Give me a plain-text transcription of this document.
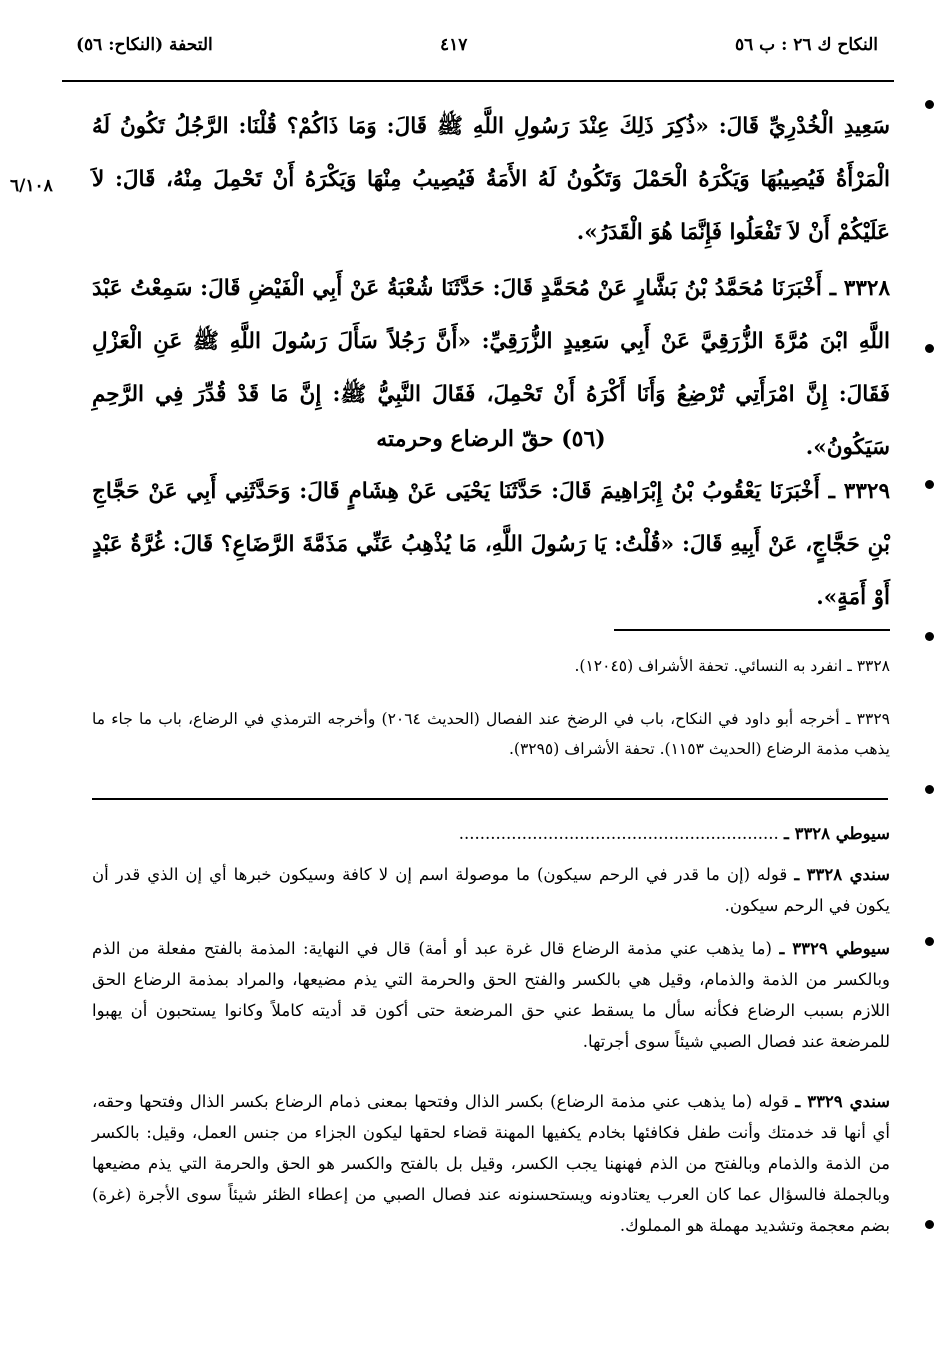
النكاح ك ٢٦ : ب ٥٦
٤١٧
التحفة (النكاح: ٥٦)
٦/١٠٨
سَعِيدِ الْخُدْرِيِّ قَالَ: «ذُكِرَ ذَلِكَ عِنْدَ رَسُولِ اللَّهِ ﷺ قَالَ: وَمَا ذَاكُمْ؟ قُلْنَا: الرَّجُلُ تَكُونُ لَهُ الْمَرْأَةُ فَيُصِيبُهَا وَيَكْرَهُ الْحَمْلَ وَتَكُونُ لَهُ الأَمَةُ فَيُصِيبُ مِنْهَا وَيَكْرَهُ أَنْ تَحْمِلَ مِنْهُ، قَالَ: لاَ عَلَيْكُمْ أَنْ لاَ تَفْعَلُوا فَإِنَّمَا هُوَ الْقَدَرُ».
٣٣٢٨ ـ أَخْبَرَنَا مُحَمَّدُ بْنُ بَشَّارٍ عَنْ مُحَمَّدٍ قَالَ: حَدَّثَنَا شُعْبَةُ عَنْ أَبِي الْفَيْضِ قَالَ: سَمِعْتُ عَبْدَ اللَّهِ ابْنَ مُرَّةَ الزُّرَقِيَّ عَنْ أَبِي سَعِيدٍ الزُّرَقِيِّ: «أَنَّ رَجُلاً سَأَلَ رَسُولَ اللَّهِ ﷺ عَنِ الْعَزْلِ فَقَالَ: إِنَّ امْرَأَتِي تُرْضِعُ وَأَنَا أَكْرَهُ أَنْ تَحْمِلَ، فَقَالَ النَّبِيُّ ﷺ: إِنَّ مَا قَدْ قُدِّرَ فِي الرَّحِمِ سَيَكُونُ».
(٥٦) حقّ الرضاع وحرمته
٣٣٢٩ ـ أَخْبَرَنَا يَعْقُوبُ بْنُ إِبْرَاهِيمَ قَالَ: حَدَّثَنَا يَحْيَى عَنْ هِشَامٍ قَالَ: وَحَدَّثَنِي أَبِي عَنْ حَجَّاجِ بْنِ حَجَّاجٍ، عَنْ أَبِيهِ قَالَ: «قُلْتُ: يَا رَسُولَ اللَّهِ، مَا يُذْهِبُ عَنِّي مَذَمَّةَ الرَّضَاعِ؟ قَالَ: غُرَّةُ عَبْدٍ أَوْ أَمَةٍ».
٣٣٢٨ ـ انفرد به النسائي. تحفة الأشراف (١٢٠٤٥).
٣٣٢٩ ـ أخرجه أبو داود في النكاح، باب في الرضخ عند الفصال (الحديث ٢٠٦٤) وأخرجه الترمذي في الرضاع، باب ما جاء ما يذهب مذمة الرضاع (الحديث ١١٥٣). تحفة الأشراف (٣٢٩٥).
سيوطي ٣٣٢٨ ـ .............................................................
سندي ٣٣٢٨ ـ قوله (إن ما قدر في الرحم سيكون) ما موصولة اسم إن لا كافة وسيكون خبرها أي إن الذي قدر أن يكون في الرحم سيكون.
سيوطي ٣٣٢٩ ـ (ما يذهب عني مذمة الرضاع قال غرة عبد أو أمة) قال في النهاية: المذمة بالفتح مفعلة من الذم وبالكسر من الذمة والذمام، وقيل هي بالكسر والفتح الحق والحرمة التي يذم مضيعها، والمراد بمذمة الرضاع الحق اللازم بسبب الرضاع فكأنه سأل ما يسقط عني حق المرضعة حتى أكون قد أديته كاملاً وكانوا يستحبون أن يهبوا للمرضعة عند فصال الصبي شيئاً سوى أجرتها.
سندي ٣٣٢٩ ـ قوله (ما يذهب عني مذمة الرضاع) بكسر الذال وفتحها بمعنى ذمام الرضاع بكسر الذال وفتحها وحقه، أي أنها قد خدمتك وأنت طفل فكافئها بخادم يكفيها المهنة قضاء لحقها ليكون الجزاء من جنس العمل، وقيل: بالكسر من الذمة والذمام وبالفتح من الذم فهنهنا يجب الكسر، وقيل بل بالفتح والكسر هو الحق والحرمة التي يذم مضيعها وبالجملة فالسؤال عما كان العرب يعتادونه ويستحسنونه عند فصال الصبي من إعطاء الظئر شيئاً سوى الأجرة (غرة) بضم معجمة وتشديد مهملة هو المملوك.
